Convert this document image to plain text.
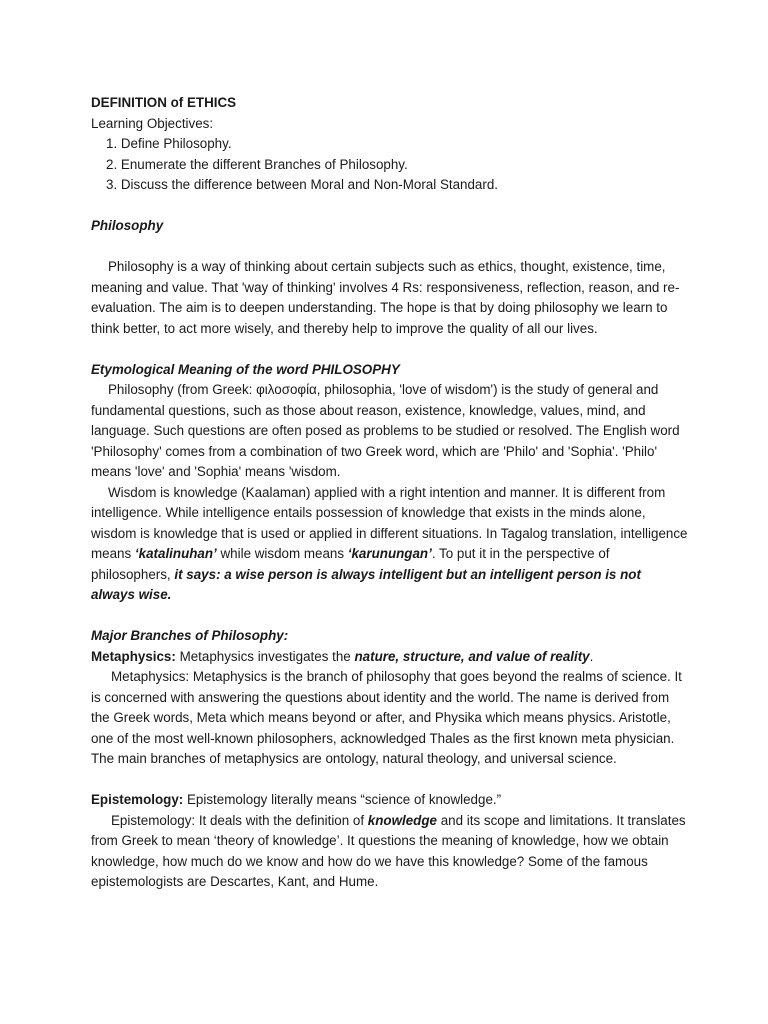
DEFINITION of ETHICS

Learning Objectives:

1. Define Philosophy.
2. Enumerate the different Branches of Philosophy.
3. Discuss the difference between Moral and Non-Moral Standard.

Philosophy

Philosophy is a way of thinking about certain subjects such as ethics, thought, existence, time, meaning and value. That 'way of thinking' involves 4 Rs: responsiveness, reflection, reason, and re-evaluation. The aim is to deepen understanding. The hope is that by doing philosophy we learn to think better, to act more wisely, and thereby help to improve the quality of all our lives.

Etymological Meaning of the word PHILOSOPHY

Philosophy (from Greek: φιλοσοφία, philosophia, 'love of wisdom') is the study of general and fundamental questions, such as those about reason, existence, knowledge, values, mind, and language. Such questions are often posed as problems to be studied or resolved. The English word 'Philosophy' comes from a combination of two Greek word, which are 'Philo' and 'Sophia'. 'Philo' means 'love' and 'Sophia' means 'wisdom.

Wisdom is knowledge (Kaalaman) applied with a right intention and manner. It is different from intelligence. While intelligence entails possession of knowledge that exists in the minds alone, wisdom is knowledge that is used or applied in different situations. In Tagalog translation, intelligence means ‘katalinuhan’ while wisdom means ‘karunungan’. To put it in the perspective of philosophers, it says: a wise person is always intelligent but an intelligent person is not always wise.

Major Branches of Philosophy:

Metaphysics: Metaphysics investigates the nature, structure, and value of reality.

Metaphysics: Metaphysics is the branch of philosophy that goes beyond the realms of science. It is concerned with answering the questions about identity and the world. The name is derived from the Greek words, Meta which means beyond or after, and Physika which means physics. Aristotle, one of the most well-known philosophers, acknowledged Thales as the first known meta physician. The main branches of metaphysics are ontology, natural theology, and universal science.

Epistemology: Epistemology literally means “science of knowledge.”

Epistemology: It deals with the definition of knowledge and its scope and limitations. It translates from Greek to mean ‘theory of knowledge’. It questions the meaning of knowledge, how we obtain knowledge, how much do we know and how do we have this knowledge? Some of the famous epistemologists are Descartes, Kant, and Hume.
